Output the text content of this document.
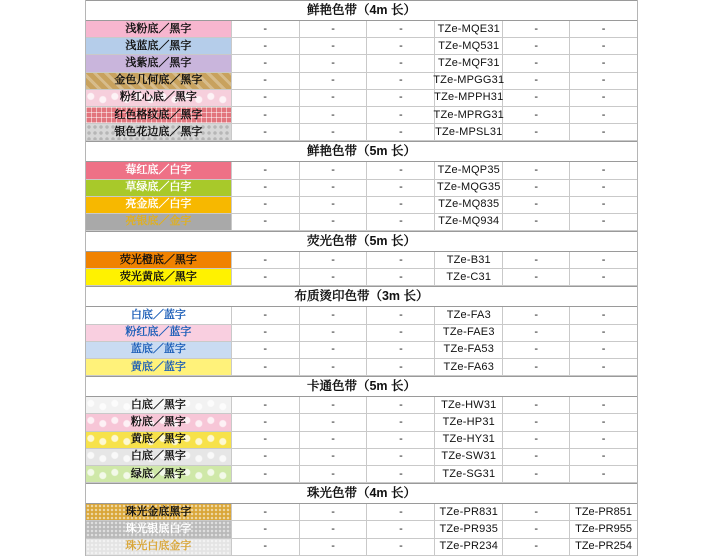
鲜艳色带（4m 长）
浅粉底／黑字	-	-	-	TZe-MQE31	-	-
浅蓝底／黑字	-	-	-	TZe-MQ531	-	-
浅紫底／黑字	-	-	-	TZe-MQF31	-	-
金色几何底／黑字	-	-	-	TZe-MPGG31	-	-
粉红心底／黑字	-	-	-	TZe-MPPH31	-	-
红色格纹底／黑字	-	-	-	TZe-MPRG31	-	-
银色花边底／黑字	-	-	-	TZe-MPSL31	-	-
鲜艳色带（5m 长）
莓红底／白字	-	-	-	TZe-MQP35	-	-
草绿底／白字	-	-	-	TZe-MQG35	-	-
亮金底／白字	-	-	-	TZe-MQ835	-	-
亮银底／金字	-	-	-	TZe-MQ934	-	-
荧光色带（5m 长）
荧光橙底／黑字	-	-	-	TZe-B31	-	-
荧光黄底／黑字	-	-	-	TZe-C31	-	-
布质烫印色带（3m 长）
白底／蓝字	-	-	-	TZe-FA3	-	-
粉红底／蓝字	-	-	-	TZe-FAE3	-	-
蓝底／蓝字	-	-	-	TZe-FA53	-	-
黄底／蓝字	-	-	-	TZe-FA63	-	-
卡通色带（5m 长）
白底／黑字	-	-	-	TZe-HW31	-	-
粉底／黑字	-	-	-	TZe-HP31	-	-
黄底／黑字	-	-	-	TZe-HY31	-	-
白底／黑字	-	-	-	TZe-SW31	-	-
绿底／黑字	-	-	-	TZe-SG31	-	-
珠光色带（4m 长）
珠光金底黑字	-	-	-	TZe-PR831	-	TZe-PR851
珠光银底白字	-	-	-	TZe-PR935	-	TZe-PR955
珠光白底金字	-	-	-	TZe-PR234	-	TZe-PR254
